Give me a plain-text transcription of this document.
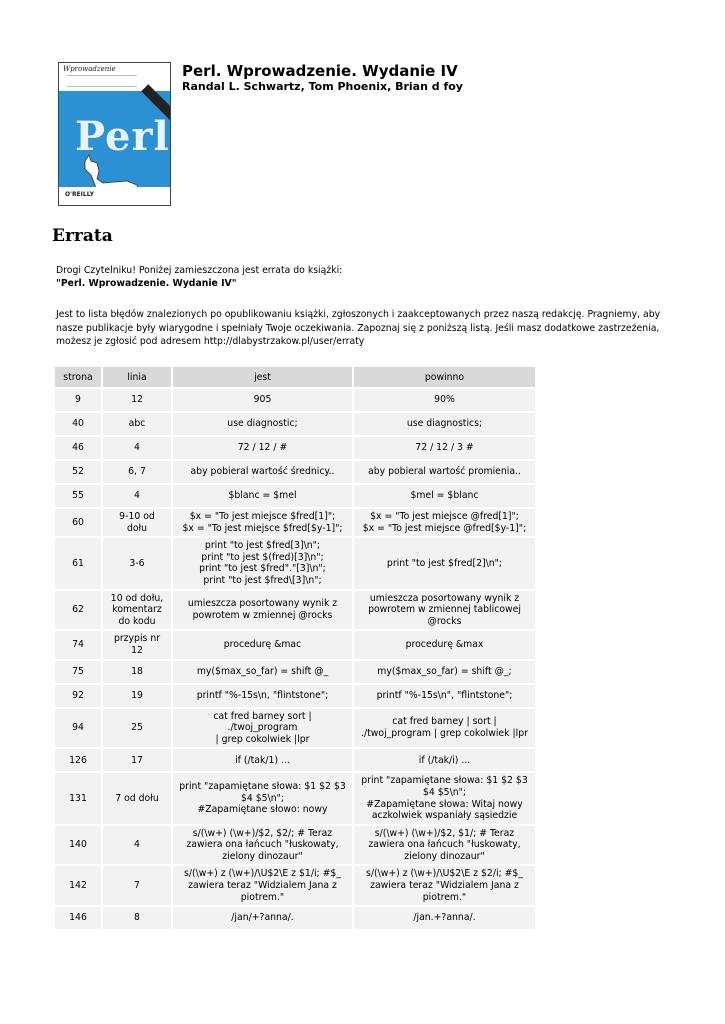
Wprowadzenie
Perl
O'REILLY
Perl. Wprowadzenie. Wydanie IV

Randal L. Schwartz, Tom Phoenix, Brian d foy

Errata

Drogi Czytelniku! Poniżej zamieszczona jest errata do książki:
"Perl. Wprowadzenie. Wydanie IV"

Jest to lista błędów znalezionych po opublikowaniu książki, zgłoszonych i zaakceptowanych przez naszą redakcję. Pragniemy, aby nasze publikacje były wiarygodne i spełniały Twoje oczekiwania. Zapoznaj się z poniższą listą. Jeśli masz dodatkowe zastrzeżenia, możesz je zgłosić pod adresem http://dlabystrzakow.pl/user/erraty

strona	linia	jest	powinno
9	12	905	90%
40	abc	use diagnostic;	use diagnostics;
46	4	72 / 12 / #	72 / 12 / 3 #
52	6, 7	aby pobieral wartość średnicy..	aby pobieral wartość promienia..
55	4	$blanc = $mel	$mel = $blanc
60	9-10 od
dołu	$x = "To jest miejsce $fred[1]";
$x = "To jest miejsce $fred[$y-1]";	$x = "To jest miejsce @fred[1]";
$x = "To jest miejsce @fred[$y-1]";
61	3-6	print "to jest $fred[3]\n";
print "to jest $(fred)[3]\n";
print "to jest $fred"."[3]\n";
print "to jest $fred\[3]\n";	print "to jest $fred[2]\n";
62	10 od dołu,
komentarz
do kodu	umieszcza posortowany wynik z
powrotem w zmiennej @rocks	umieszcza posortowany wynik z
powrotem w zmiennej tablicowej
@rocks
74	przypis nr
12	procedurę &mac	procedurę &max
75	18	my($max_so_far) = shift @_	my($max_so_far) = shift @_;
92	19	printf "%-15s\n, "flintstone";	printf "%-15s\n", "flintstone";
94	25	cat fred barney sort | ./twoj_program
| grep cokolwiek |lpr	cat fred barney | sort |
./twoj_program | grep cokolwiek |lpr
126	17	if (/tak/1) ...	if (/tak/i) ...
131	7 od dołu	print "zapamiętane słowa: $1 $2 $3
$4 $5\n";
#Zapamiętane słowo: nowy	print "zapamiętane słowa: $1 $2 $3
$4 $5\n";
#Zapamiętane słowa: Witaj nowy
aczkolwiek wspaniały sąsiedzie
140	4	s/(\w+) (\w+)/$2, $2/; # Teraz
zawiera ona łańcuch "łuskowaty,
zielony dinozaur"	s/(\w+) (\w+)/$2, $1/; # Teraz
zawiera ona łańcuch "łuskowaty,
zielony dinozaur"
142	7	s/(\w+) z (\w+)/\U$2\E z $1/i; #$_
zawiera teraz "Widzialem Jana z
piotrem."	s/(\w+) z (\w+)/\U$2\E z $2/i; #$_
zawiera teraz "Widzialem Jana z
piotrem."
146	8	/jan/+?anna/.	/jan.+?anna/.
